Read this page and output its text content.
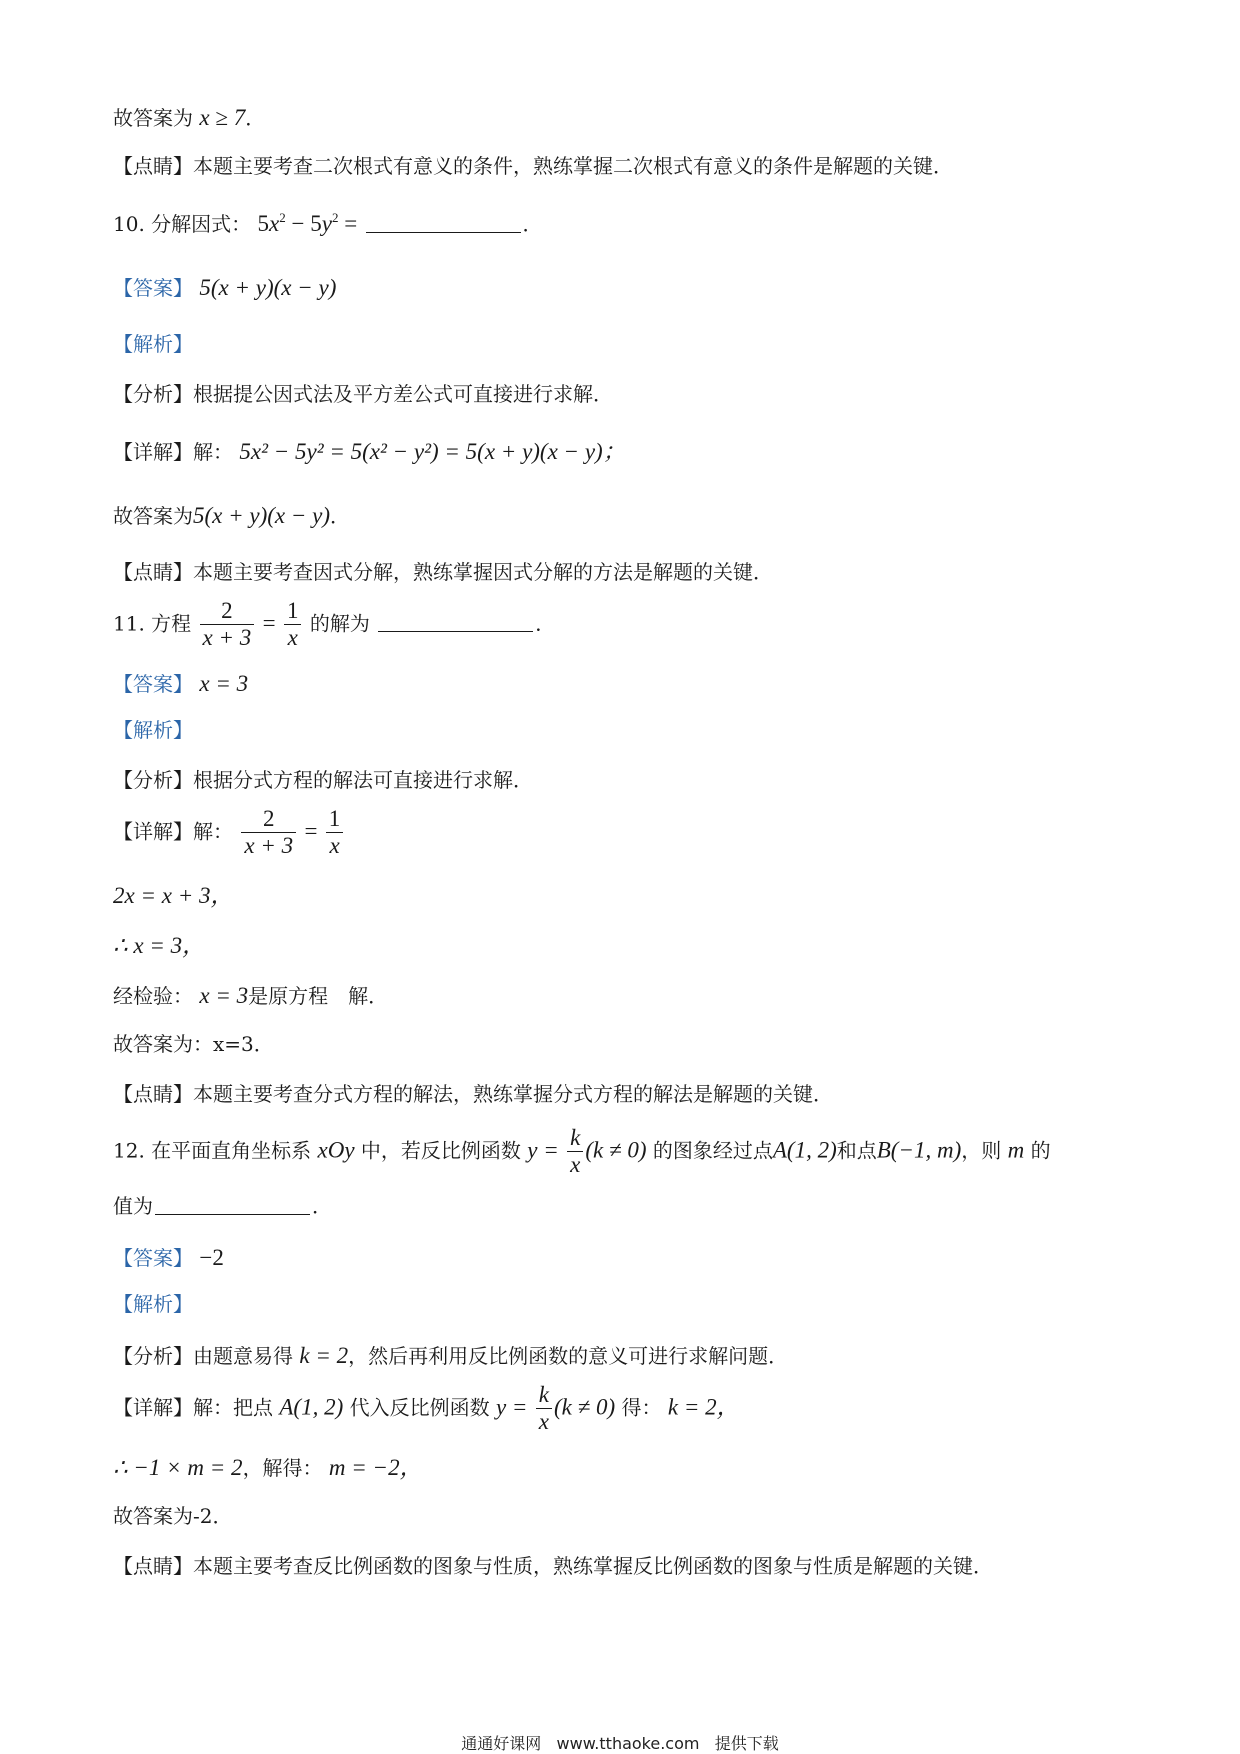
故答案为 x ≥ 7．
【点睛】本题主要考查二次根式有意义的条件，熟练掌握二次根式有意义的条件是解题的关键．
10. 分解因式： $5x^2 - 5y^2$ =	．
【答案】 5(x + y)(x − y)
【解析】
【分析】根据提公因式法及平方差公式可直接进行求解．
【详解】解： 5x² − 5y² = 5(x² − y²) = 5(x + y)(x − y)；
故答案为5(x + y)(x − y)．
【点睛】本题主要考查因式分解，熟练掌握因式分解的方法是解题的关键．
11. 方程 $\frac{2}{x + 3} = \frac{1}{x}$ 的解为	．
【答案】 x = 3
【解析】
【分析】根据分式方程的解法可直接进行求解．
【详解】解： $\frac{2}{x + 3} = \frac{1}{x}$
2x = x + 3，
∴ x = 3，
经检验： x = 3是原方程　解．
故答案为：x=3．
【点睛】本题主要考查分式方程的解法，熟练掌握分式方程的解法是解题的关键．
12. 在平面直角坐标系 xOy 中，若反比例函数 $y = \frac{k}{x} (k \ne 0)$ 的图象经过点A(1, 2)和点B(−1, m)，则 m 的
值为	．
【答案】 −2
【解析】
【分析】由题意易得 k = 2，然后再利用反比例函数的意义可进行求解问题．
【详解】解：把点 A(1, 2) 代入反比例函数 $y = \frac{k}{x} (k \ne 0)$ 得： k = 2，
∴ −1 × m = 2，解得： m = −2，
故答案为-2．
【点睛】本题主要考查反比例函数的图象与性质，熟练掌握反比例函数的图象与性质是解题的关键．
通通好课网 www.tthaoke.com 提供下载
